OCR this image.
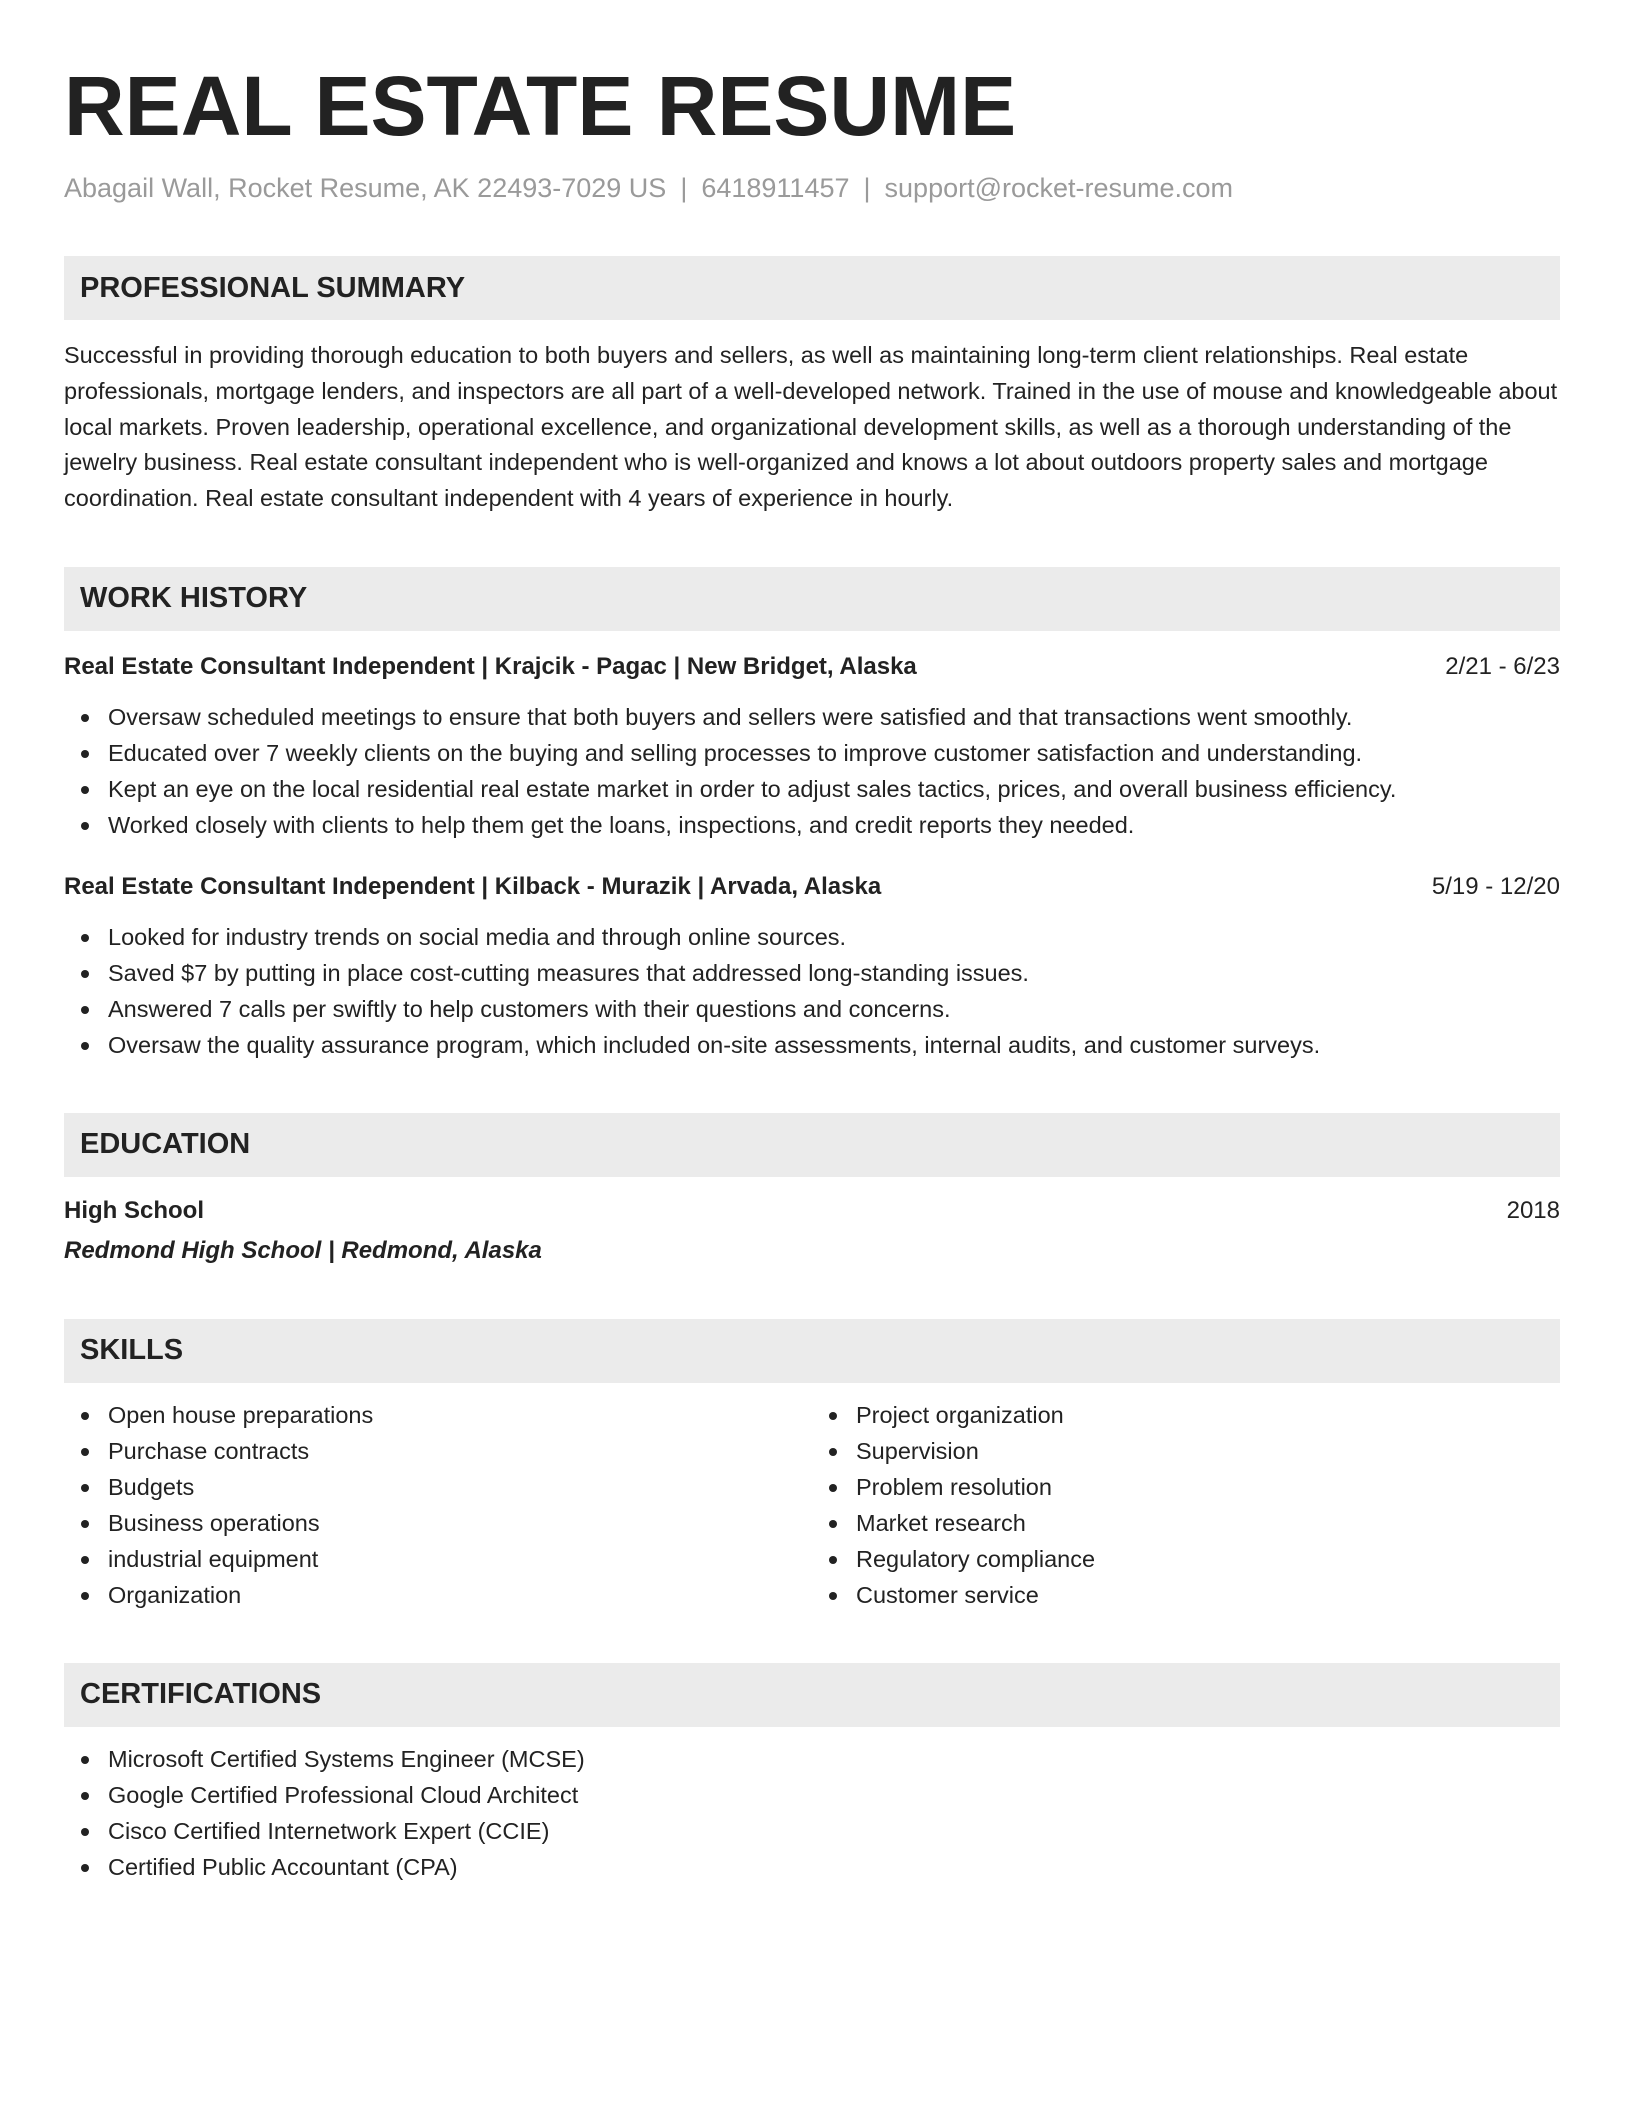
REAL ESTATE RESUME
Abagail Wall, Rocket Resume, AK 22493-7029 US | 6418911457 | support@rocket-resume.com
PROFESSIONAL SUMMARY
Successful in providing thorough education to both buyers and sellers, as well as maintaining long-term client relationships. Real estate professionals, mortgage lenders, and inspectors are all part of a well-developed network. Trained in the use of mouse and knowledgeable about local markets. Proven leadership, operational excellence, and organizational development skills, as well as a thorough understanding of the jewelry business. Real estate consultant independent who is well-organized and knows a lot about outdoors property sales and mortgage coordination. Real estate consultant independent with 4 years of experience in hourly.
WORK HISTORY
Real Estate Consultant Independent | Krajcik - Pagac | New Bridget, Alaska	2/21 - 6/23
Oversaw scheduled meetings to ensure that both buyers and sellers were satisfied and that transactions went smoothly.
Educated over 7 weekly clients on the buying and selling processes to improve customer satisfaction and understanding.
Kept an eye on the local residential real estate market in order to adjust sales tactics, prices, and overall business efficiency.
Worked closely with clients to help them get the loans, inspections, and credit reports they needed.
Real Estate Consultant Independent | Kilback - Murazik | Arvada, Alaska	5/19 - 12/20
Looked for industry trends on social media and through online sources.
Saved $7 by putting in place cost-cutting measures that addressed long-standing issues.
Answered 7 calls per swiftly to help customers with their questions and concerns.
Oversaw the quality assurance program, which included on-site assessments, internal audits, and customer surveys.
EDUCATION
High School	2018
Redmond High School | Redmond, Alaska
SKILLS
Open house preparations
Purchase contracts
Budgets
Business operations
industrial equipment
Organization
Project organization
Supervision
Problem resolution
Market research
Regulatory compliance
Customer service
CERTIFICATIONS
Microsoft Certified Systems Engineer (MCSE)
Google Certified Professional Cloud Architect
Cisco Certified Internetwork Expert (CCIE)
Certified Public Accountant (CPA)
